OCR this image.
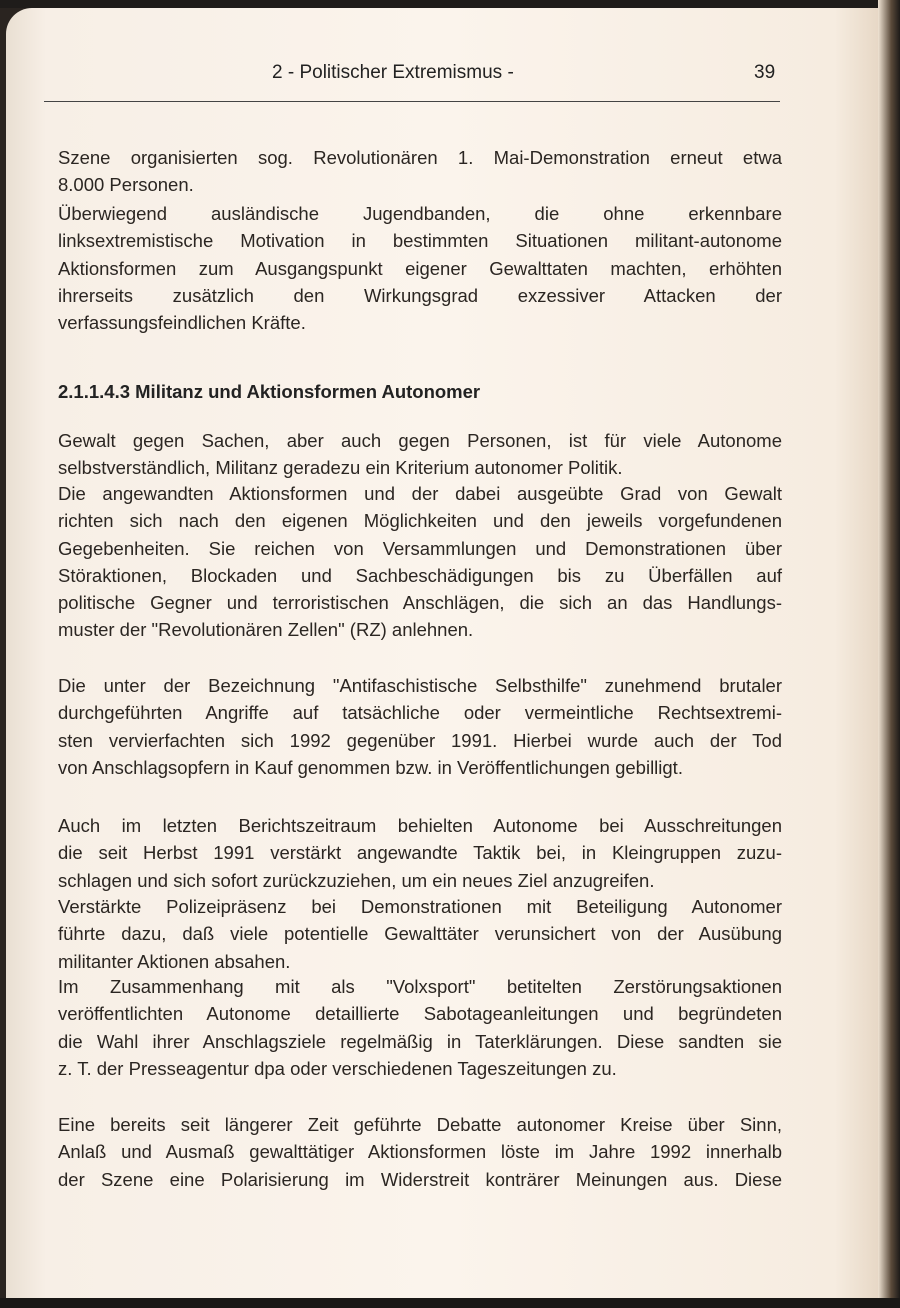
2 - Politischer Extremismus -	39
2.1.1.4.3 Militanz und Aktionsformen Autonomer
Szene organisierten sog. Revolutionären 1. Mai-Demonstration erneut etwa
8.000 Personen.
Überwiegend ausländische Jugendbanden, die ohne erkennbare
linksextremistische Motivation in bestimmten Situationen militant-autonome
Aktionsformen zum Ausgangspunkt eigener Gewalttaten machten, erhöhten
ihrerseits zusätzlich den Wirkungsgrad exzessiver Attacken der
verfassungsfeindlichen Kräfte.
Gewalt gegen Sachen, aber auch gegen Personen, ist für viele Autonome
selbstverständlich, Militanz geradezu ein Kriterium autonomer Politik.
Die angewandten Aktionsformen und der dabei ausgeübte Grad von Gewalt
richten sich nach den eigenen Möglichkeiten und den jeweils vorgefundenen
Gegebenheiten. Sie reichen von Versammlungen und Demonstrationen über
Störaktionen, Blockaden und Sachbeschädigungen bis zu Überfällen auf
politische Gegner und terroristischen Anschlägen, die sich an das Handlungs-
muster der "Revolutionären Zellen" (RZ) anlehnen.
Die unter der Bezeichnung "Antifaschistische Selbsthilfe" zunehmend brutaler
durchgeführten Angriffe auf tatsächliche oder vermeintliche Rechtsextremi-
sten vervierfachten sich 1992 gegenüber 1991. Hierbei wurde auch der Tod
von Anschlagsopfern in Kauf genommen bzw. in Veröffentlichungen gebilligt.
Auch im letzten Berichtszeitraum behielten Autonome bei Ausschreitungen
die seit Herbst 1991 verstärkt angewandte Taktik bei, in Kleingruppen zuzu-
schlagen und sich sofort zurückzuziehen, um ein neues Ziel anzugreifen.
Verstärkte Polizeipräsenz bei Demonstrationen mit Beteiligung Autonomer
führte dazu, daß viele potentielle Gewalttäter verunsichert von der Ausübung
militanter Aktionen absahen.
Im Zusammenhang mit als "Volxsport" betitelten Zerstörungsaktionen
veröffentlichten Autonome detaillierte Sabotageanleitungen und begründeten
die Wahl ihrer Anschlagsziele regelmäßig in Taterklärungen. Diese sandten sie
z. T. der Presseagentur dpa oder verschiedenen Tageszeitungen zu.
Eine bereits seit längerer Zeit geführte Debatte autonomer Kreise über Sinn,
Anlaß und Ausmaß gewalttätiger Aktionsformen löste im Jahre 1992 innerhalb
der Szene eine Polarisierung im Widerstreit konträrer Meinungen aus. Diese
